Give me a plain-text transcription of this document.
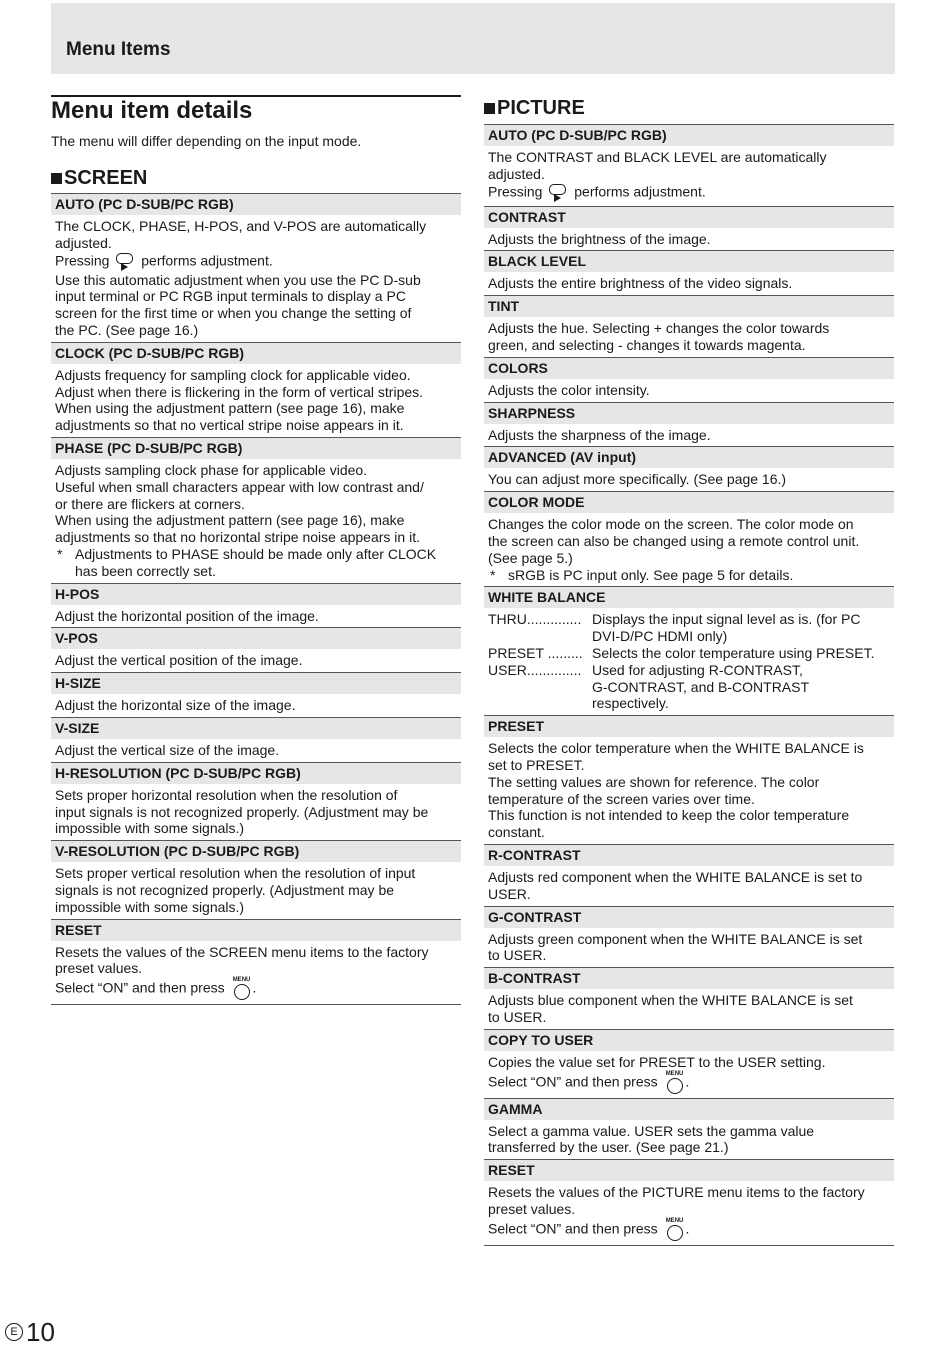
Menu Items
Menu item details
The menu will differ depending on the input mode.
SCREEN
AUTO (PC D-SUB/PC RGB)
The CLOCK, PHASE, H-POS, and V-POS are automatically
adjusted.
Pressing
performs adjustment.
Use this automatic adjustment when you use the PC D-sub
input terminal or PC RGB input terminals to display a PC
screen for the first time or when you change the setting of
the PC. (See page 16.)
CLOCK (PC D-SUB/PC RGB)
Adjusts frequency for sampling clock for applicable video.
Adjust when there is flickering in the form of vertical stripes.
When using the adjustment pattern (see page 16), make
adjustments so that no vertical stripe noise appears in it.
PHASE (PC D-SUB/PC RGB)
Adjusts sampling clock phase for applicable video.
Useful when small characters appear with low contrast and/
or there are flickers at corners.
When using the adjustment pattern (see page 16), make
adjustments so that no horizontal stripe noise appears in it.
* Adjustments to PHASE should be made only after CLOCK has been correctly set.
H-POS
Adjust the horizontal position of the image.
V-POS
Adjust the vertical position of the image.
H-SIZE
Adjust the horizontal size of the image.
V-SIZE
Adjust the vertical size of the image.
H-RESOLUTION (PC D-SUB/PC RGB)
Sets proper horizontal resolution when the resolution of
input signals is not recognized properly. (Adjustment may be
impossible with some signals.)
V-RESOLUTION (PC D-SUB/PC RGB)
Sets proper vertical resolution when the resolution of input
signals is not recognized properly. (Adjustment may be
impossible with some signals.)
RESET
Resets the values of the SCREEN menu items to the factory
preset values.
Select “ON” and then press MENU .
PICTURE
AUTO (PC D-SUB/PC RGB)
The CONTRAST and BLACK LEVEL are automatically
adjusted.
Pressing
performs adjustment.
CONTRAST
Adjusts the brightness of the image.
BLACK LEVEL
Adjusts the entire brightness of the video signals.
TINT
Adjusts the hue. Selecting + changes the color towards
green, and selecting - changes it towards magenta.
COLORS
Adjusts the color intensity.
SHARPNESS
Adjusts the sharpness of the image.
ADVANCED (AV input)
You can adjust more specifically. (See page 16.)
COLOR MODE
Changes the color mode on the screen. The color mode on
the screen can also be changed using a remote control unit.
(See page 5.)
* sRGB is PC input only. See page 5 for details.
WHITE BALANCE
THRU.............. Displays the input signal level as is. (for PC
DVI-D/PC HDMI only)
PRESET ......... Selects the color temperature using PRESET.
USER.............. Used for adjusting R-CONTRAST,
G-CONTRAST, and B-CONTRAST
respectively.
PRESET
Selects the color temperature when the WHITE BALANCE is
set to PRESET.
The setting values are shown for reference. The color
temperature of the screen varies over time.
This function is not intended to keep the color temperature
constant.
R-CONTRAST
Adjusts red component when the WHITE BALANCE is set to
USER.
G-CONTRAST
Adjusts green component when the WHITE BALANCE is set
to USER.
B-CONTRAST
Adjusts blue component when the WHITE BALANCE is set
to USER.
COPY TO USER
Copies the value set for PRESET to the USER setting.
Select “ON” and then press MENU .
GAMMA
Select a gamma value. USER sets the gamma value
transferred by the user. (See page 21.)
RESET
Resets the values of the PICTURE menu items to the factory
preset values.
Select “ON” and then press MENU .
E 10
